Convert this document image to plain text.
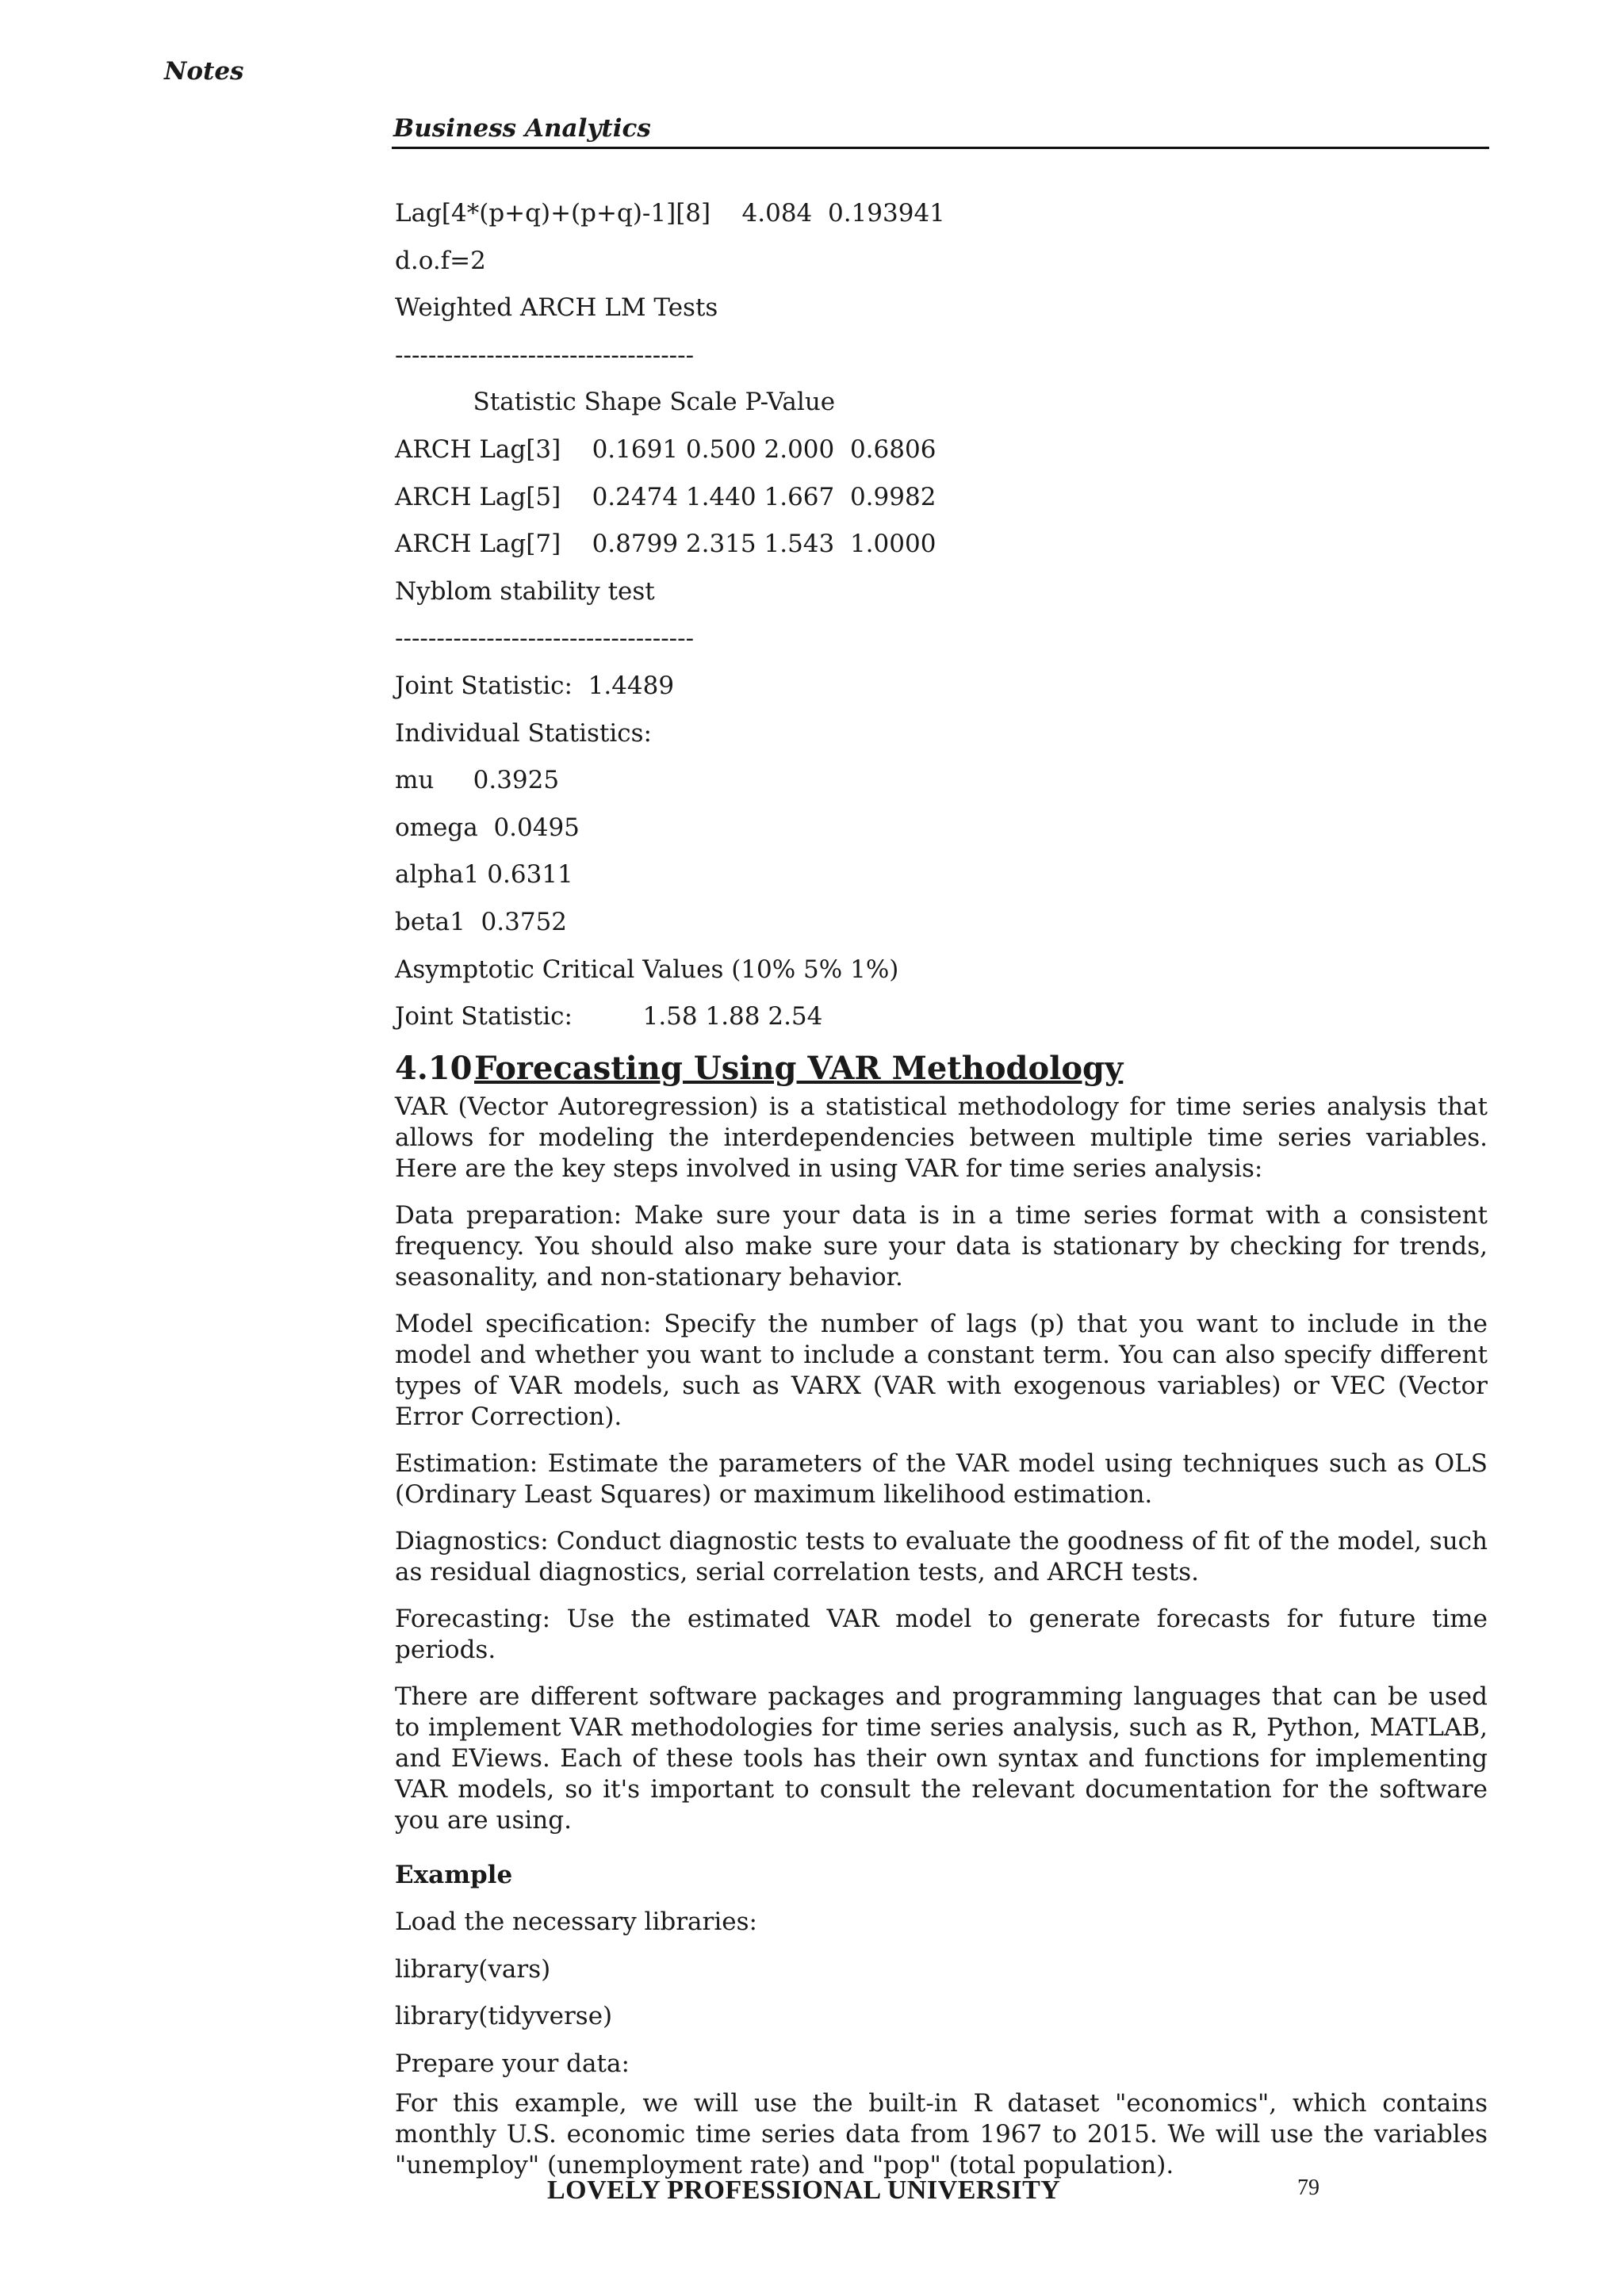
Notes
Business Analytics
Lag[4*(p+q)+(p+q)-1][8]    4.084  0.193941
d.o.f=2
Weighted ARCH LM Tests
------------------------------------
Statistic Shape Scale P-Value
ARCH Lag[3]    0.1691 0.500 2.000  0.6806
ARCH Lag[5]    0.2474 1.440 1.667  0.9982
ARCH Lag[7]    0.8799 2.315 1.543  1.0000
Nyblom stability test
------------------------------------
Joint Statistic:  1.4489
Individual Statistics:
mu     0.3925
omega  0.0495
alpha1 0.6311
beta1  0.3752
Asymptotic Critical Values (10% 5% 1%)
Joint Statistic:         1.58 1.88 2.54
4.10Forecasting Using VAR Methodology

VAR (Vector Autoregression) is a statistical methodology for time series analysis that allows for modeling the interdependencies between multiple time series variables. Here are the key steps involved in using VAR for time series analysis:

Data preparation: Make sure your data is in a time series format with a consistent frequency. You should also make sure your data is stationary by checking for trends, seasonality, and non-stationary behavior.

Model specification: Specify the number of lags (p) that you want to include in the model and whether you want to include a constant term. You can also specify different types of VAR models, such as VARX (VAR with exogenous variables) or VEC (Vector Error Correction).

Estimation: Estimate the parameters of the VAR model using techniques such as OLS (Ordinary Least Squares) or maximum likelihood estimation.

Diagnostics: Conduct diagnostic tests to evaluate the goodness of fit of the model, such as residual diagnostics, serial correlation tests, and ARCH tests.

Forecasting: Use the estimated VAR model to generate forecasts for future time periods.

There are different software packages and programming languages that can be used to implement VAR methodologies for time series analysis, such as R, Python, MATLAB, and EViews. Each of these tools has their own syntax and functions for implementing VAR models, so it's important to consult the relevant documentation for the software you are using.

Example
Load the necessary libraries:
library(vars)
library(tidyverse)
Prepare your data:

For this example, we will use the built-in R dataset "economics", which contains monthly U.S. economic time series data from 1967 to 2015. We will use the variables "unemploy" (unemployment rate) and "pop" (total population).

LOVELY PROFESSIONAL UNIVERSITY	79
